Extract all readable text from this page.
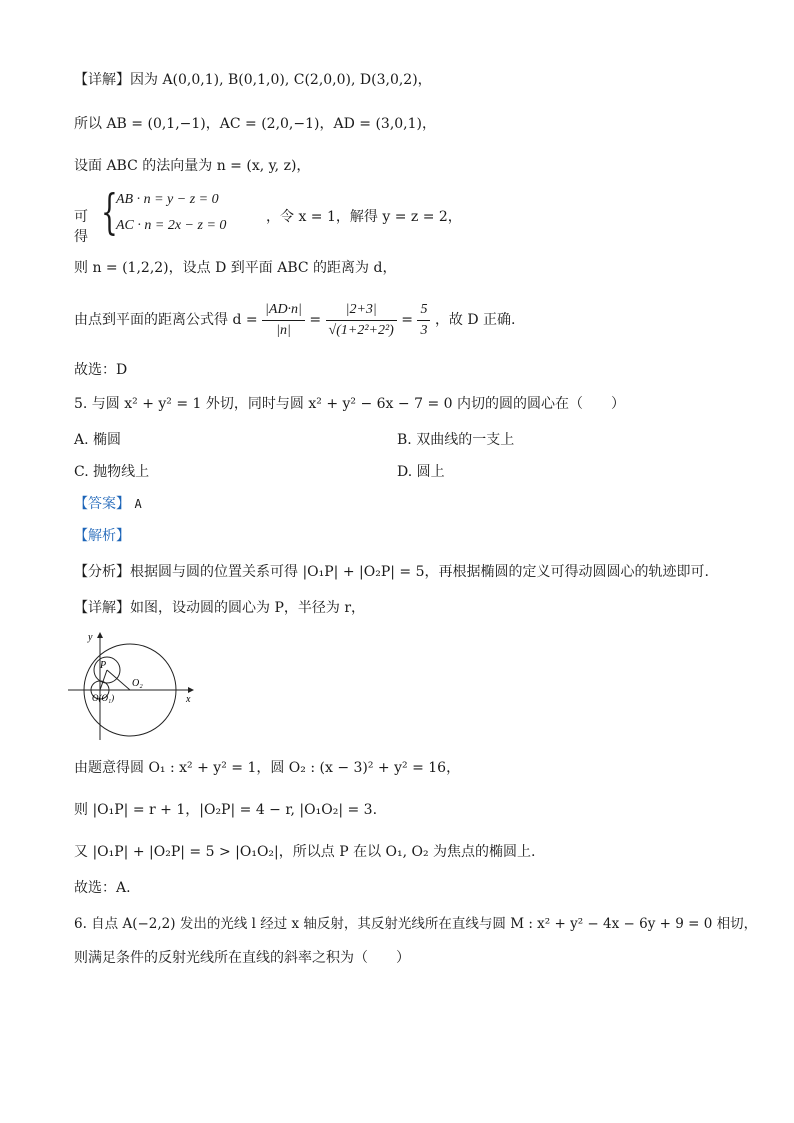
【详解】因为 A(0,0,1), B(0,1,0), C(2,0,0), D(3,0,2)，
所以 AB = (0,1,−1)，AC = (2,0,−1)，AD = (3,0,1)，
设面 ABC 的法向量为 n = (x, y, z)，
可得 {
AB · n = y − z = 0
AC · n = 2x − z = 0
，令 x = 1，解得 y = z = 2，
则 n = (1,2,2)，设点 D 到平面 ABC 的距离为 d，
由点到平面的距离公式得 $d = \frac{|AD\cdot n|}{|n|} = \frac{|2+3|}{\text{√(1+2²+2²)}} = \frac{5}{3}$ ，故 D 正确.
故选：D
5. 与圆 x² + y² = 1 外切，同时与圆 x² + y² − 6x − 7 = 0 内切的圆的圆心在（　　）
A. 椭圆	B. 双曲线的一支上
C. 抛物线上	D. 圆上
【答案】 A
【解析】
【分析】根据圆与圆的位置关系可得 |O₁P| + |O₂P| = 5，再根据椭圆的定义可得动圆圆心的轨迹即可.
【详解】如图，设动圆的圆心为 P，半径为 r，
y
x
P
O₂
O(O₁)
由题意得圆 O₁ : x² + y² = 1，圆 O₂ : (x − 3)² + y² = 16，
则 |O₁P| = r + 1，|O₂P| = 4 − r, |O₁O₂| = 3.
又 |O₁P| + |O₂P| = 5 > |O₁O₂|，所以点 P 在以 O₁, O₂ 为焦点的椭圆上.
故选：A.
6. 自点 A(−2,2) 发出的光线 l 经过 x 轴反射，其反射光线所在直线与圆 M : x² + y² − 4x − 6y + 9 = 0 相切，
则满足条件的反射光线所在直线的斜率之积为（　　）
